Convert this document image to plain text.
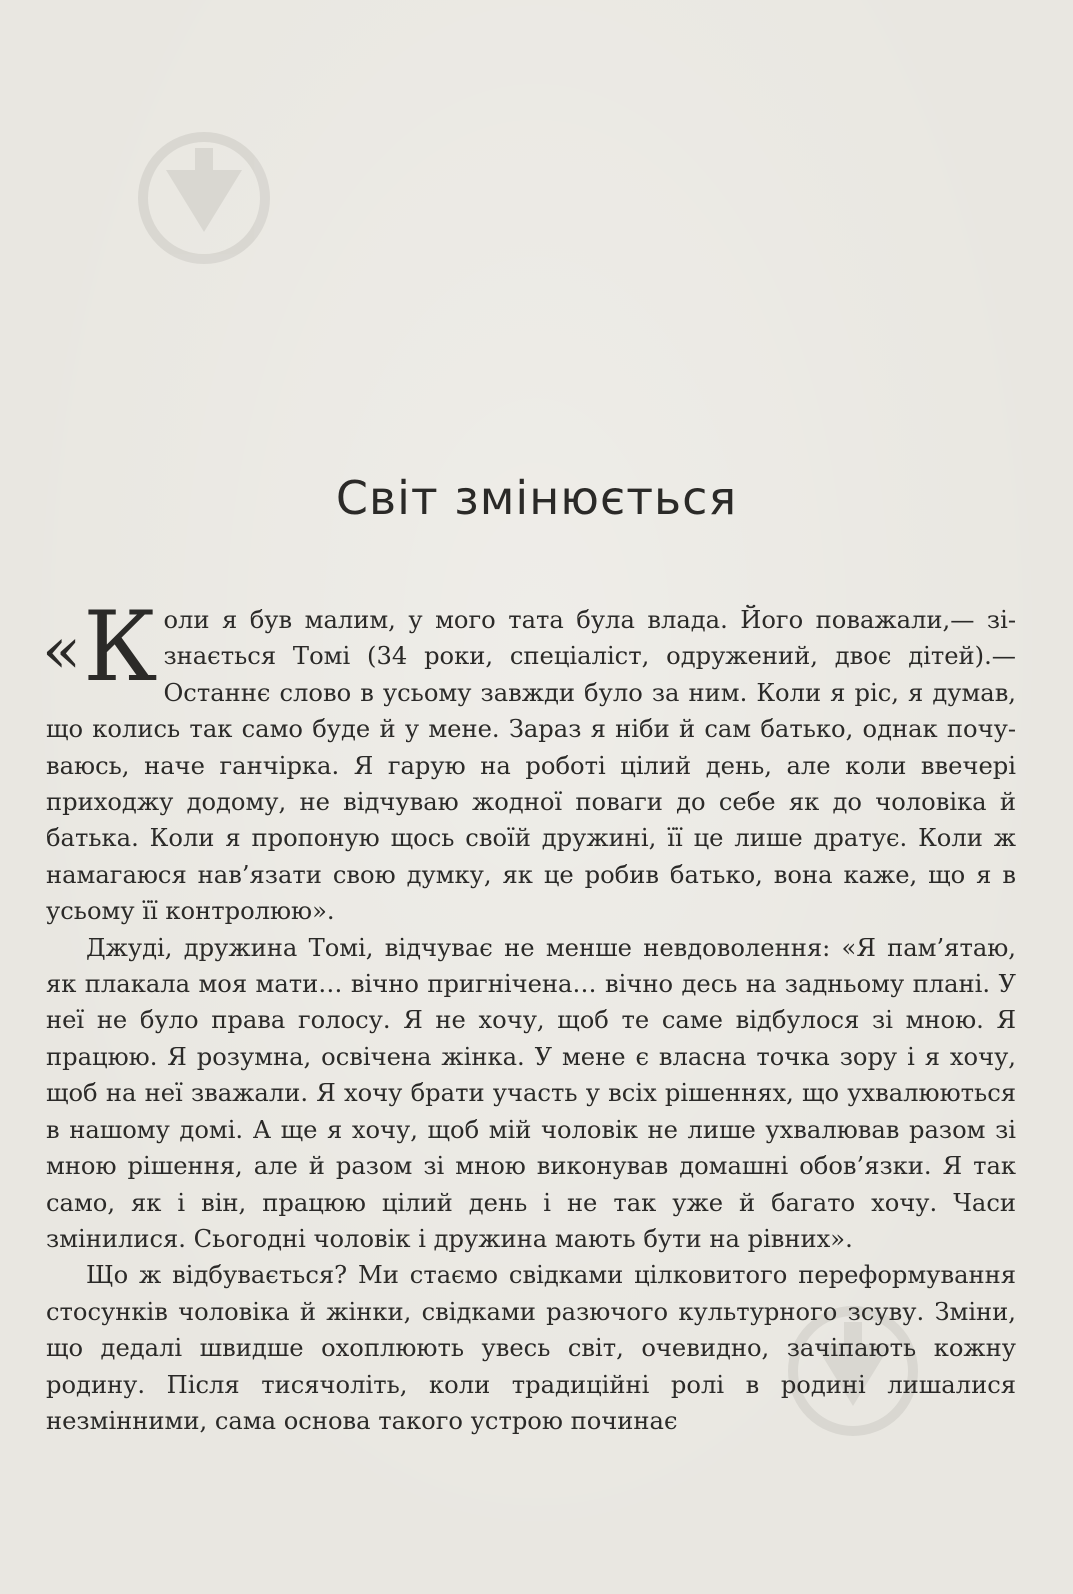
Світ змінюється

«К оли я був малим, у мого тата була влада. Його поважали,— зізнається Томі (34 роки, спеціаліст, одружений, двоє дітей).— Останнє слово в усьому завжди було за ним. Коли я ріс, я думав, що колись так само буде й у мене. Зараз я ніби й сам батько, однак почуваюсь, наче ганчірка. Я гарую на роботі цілий день, але коли ввечері приходжу додому, не відчуваю жодної поваги до себе як до чоловіка й батька. Коли я пропоную щось своїй дружині, її це лише дратує. Коли ж намагаюся нав’язати свою думку, як це робив батько, вона каже, що я в усьому її контролюю».

Джуді, дружина Томі, відчуває не менше невдоволення: «Я пам’ятаю, як плакала моя мати… вічно пригнічена… вічно десь на задньому плані. У неї не було права голосу. Я не хочу, щоб те саме відбулося зі мною. Я працюю. Я розумна, освічена жінка. У мене є власна точка зору і я хочу, щоб на неї зважали. Я хочу брати участь у всіх рішеннях, що ухвалюються в нашому домі. А ще я хочу, щоб мій чоловік не лише ухвалював разом зі мною рішення, але й разом зі мною виконував домашні обов’язки. Я так само, як і він, працюю цілий день і не так уже й багато хочу. Часи змінилися. Сьогодні чоловік і дружина мають бути на рівних».

Що ж відбувається? Ми стаємо свідками цілковитого переформування стосунків чоловіка й жінки, свідками разючого культурного зсуву. Зміни, що дедалі швидше охоплюють увесь світ, очевидно, зачіпають кожну родину. Після тисячоліть, коли традиційні ролі в родині лишалися незмінними, сама основа такого устрою починає
